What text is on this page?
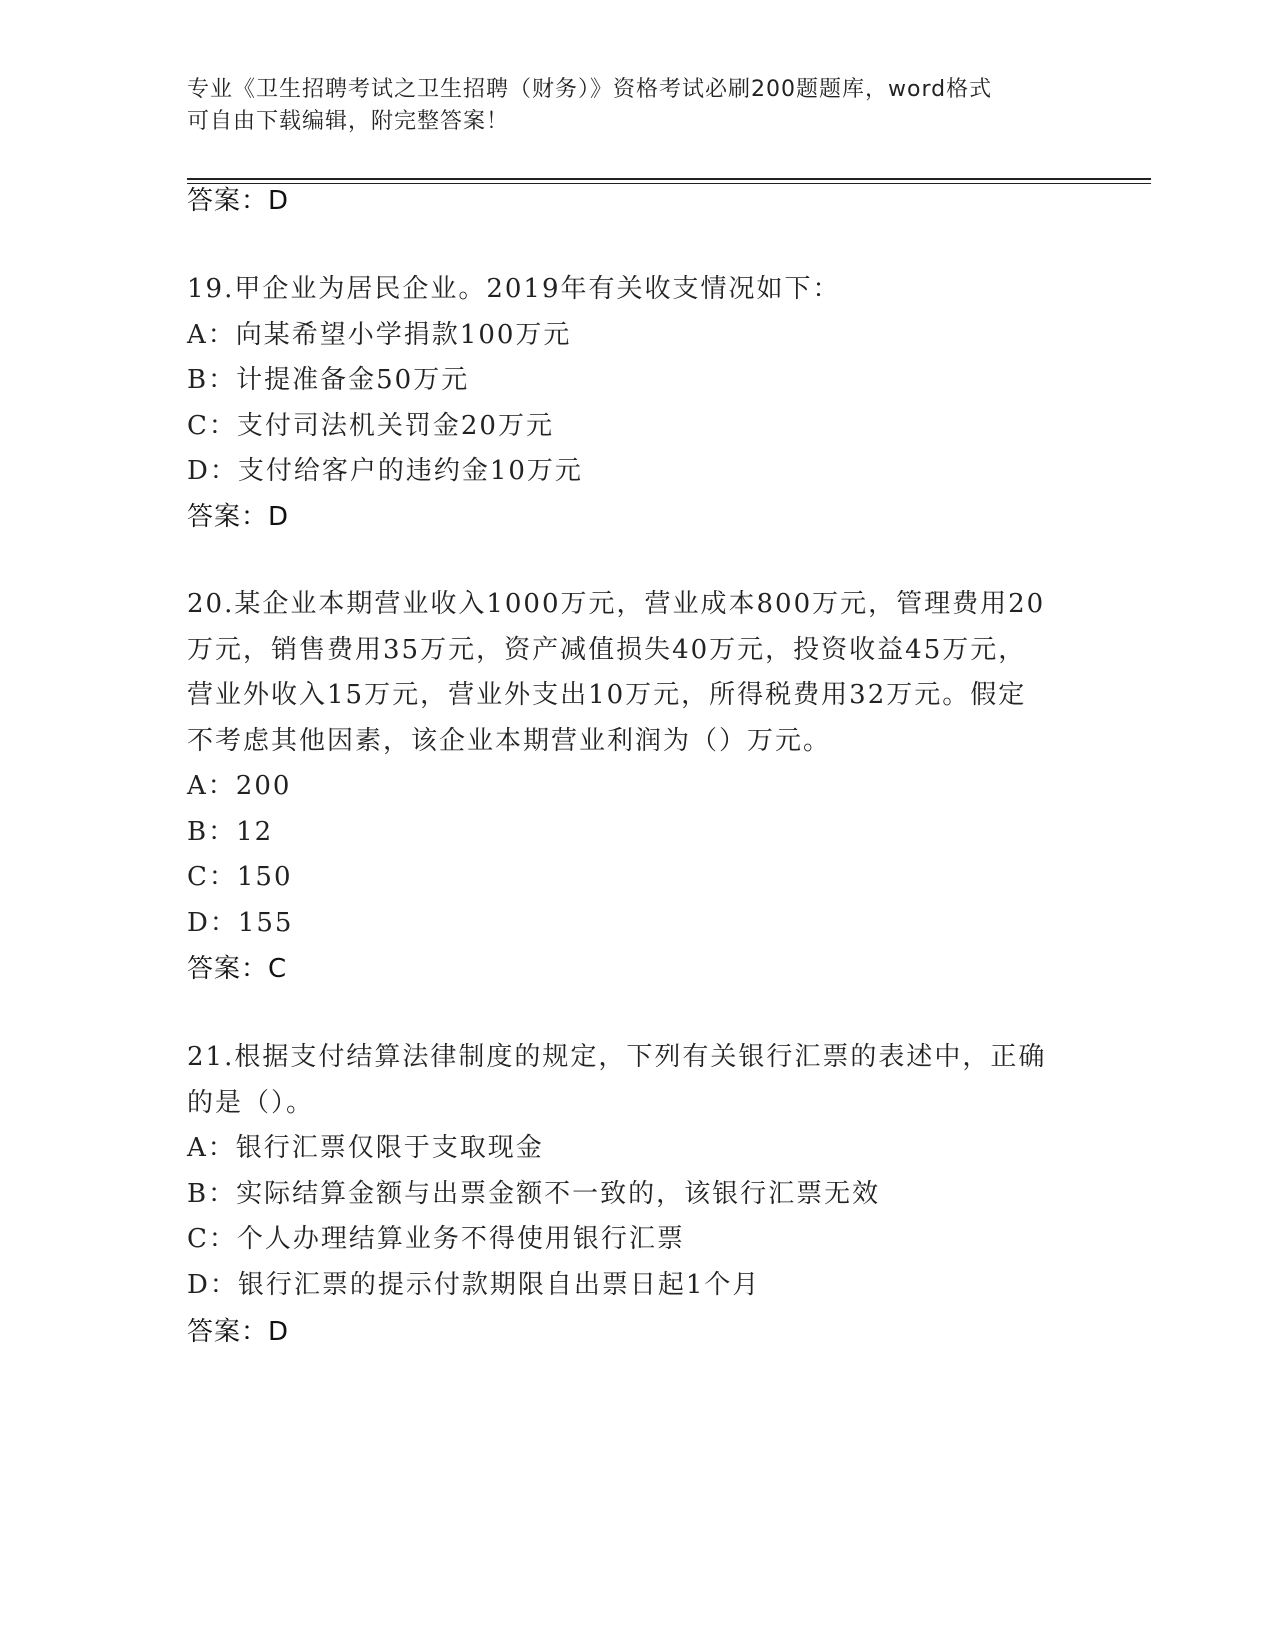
专业《卫生招聘考试之卫生招聘（财务）》资格考试必刷200题题库，word格式
可自由下载编辑，附完整答案！
答案：D

19.甲企业为居民企业。2019年有关收支情况如下：

A：向某希望小学捐款100万元

B：计提准备金50万元

C：支付司法机关罚金20万元

D：支付给客户的违约金10万元

答案：D

20.某企业本期营业收入1000万元，营业成本800万元，管理费用20

万元，销售费用35万元，资产减值损失40万元，投资收益45万元，

营业外收入15万元，营业外支出10万元，所得税费用32万元。假定

不考虑其他因素，该企业本期营业利润为（）万元。

A：200

B：12

C：150

D：155

答案：C

21.根据支付结算法律制度的规定，下列有关银行汇票的表述中，正确

的是（）。

A：银行汇票仅限于支取现金

B：实际结算金额与出票金额不一致的，该银行汇票无效

C：个人办理结算业务不得使用银行汇票

D：银行汇票的提示付款期限自出票日起1个月

答案：D
